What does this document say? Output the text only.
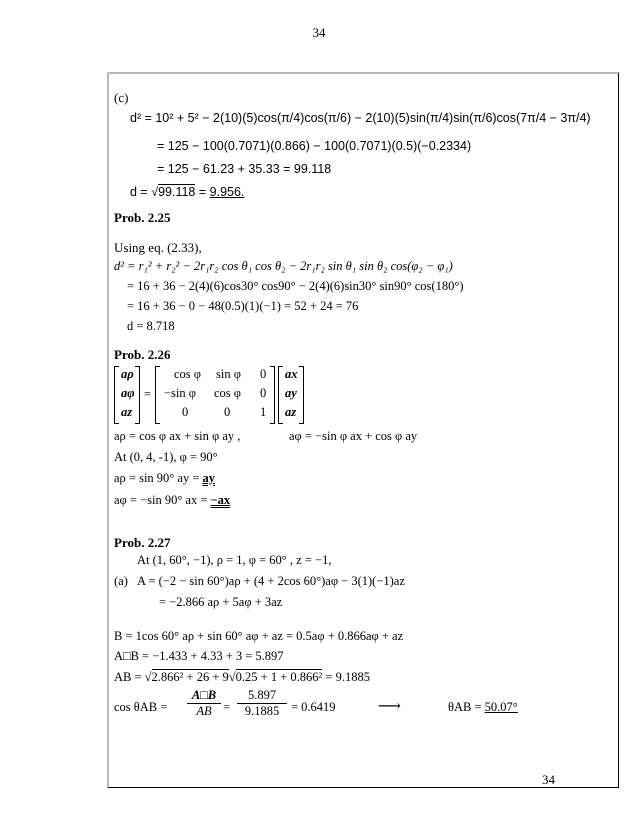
34
(c)
d² = 10² + 5² − 2(10)(5)cos(π/4)cos(π/6) − 2(10)(5)sin(π/4)sin(π/6)cos(7π/4 − 3π/4)
= 125 − 100(0.7071)(0.866) − 100(0.7071)(0.5)(−0.2334)
= 125 − 61.23 + 35.33 = 99.118
d = √99.118 = 9.956.
Prob. 2.25
Using eq. (2.33),
d² = r₁² + r₂² − 2r₁r₂ cos θ₁ cos θ₂ − 2r₁r₂ sin θ₁ sin θ₂ cos(φ₂ − φ₁)
= 16 + 36 − 2(4)(6)cos30° cos90° − 2(4)(6)sin30° sin90° cos(180°)
= 16 + 36 − 0 − 48(0.5)(1)(−1) = 52 + 24 = 76
d = 8.718
Prob. 2.26
aρ
aφ
az
=
cos φ sin φ 0
−sin φ cos φ 0
0	0 1
ax
ay
az
aρ = cos φ ax + sin φ ay ,	aφ = −sin φ ax + cos φ ay
At (0, 4, -1), φ = 90°
aρ = sin 90° ay = ay
aφ = −sin 90° ax = −ax
Prob. 2.27
At (1, 60°, −1), ρ = 1, φ = 60° , z = −1,
(a) A = (−2 − sin 60°)aρ + (4 + 2cos 60°)aφ − 3(1)(−1)az
= −2.866 aρ + 5aφ + 3az
B = 1cos 60° aρ + sin 60° aφ + az = 0.5aφ + 0.866aφ + az
A□B = −1.433 + 4.33 + 3 = 5.897
AB = √2.866² + 26 + 9√0.25 + 1 + 0.866² = 9.1885
$\cos \theta AB = \frac{A□B}{AB} = \frac{5.897}{9.1885} = 0.6419$	⟶	θAB = 50.07°
34
